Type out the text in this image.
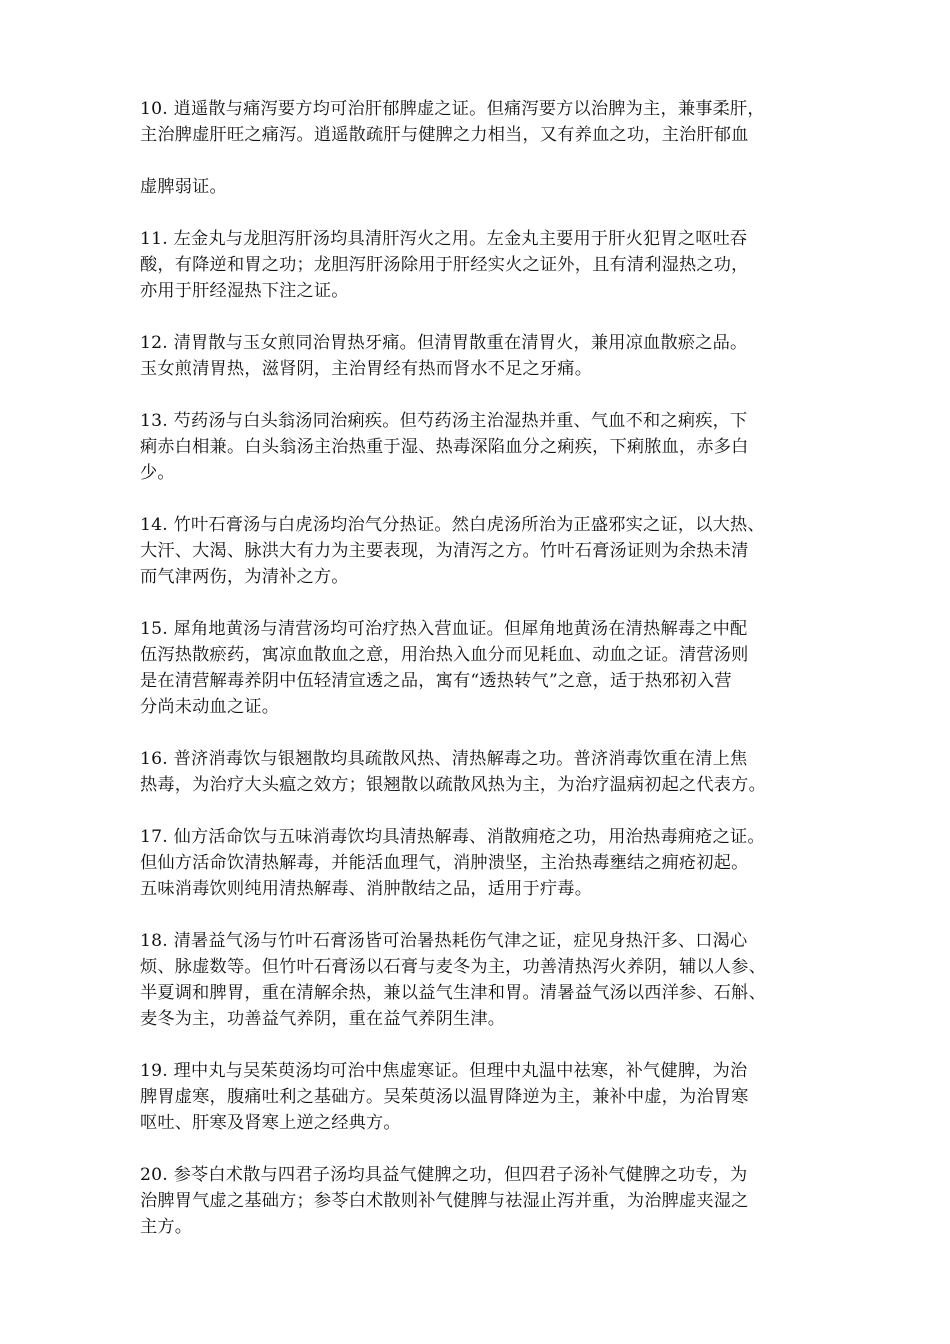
10. 逍遥散与痛泻要方均可治肝郁脾虚之证。但痛泻要方以治脾为主，兼事柔肝，
主治脾虚肝旺之痛泻。逍遥散疏肝与健脾之力相当，又有养血之功，主治肝郁血
虚脾弱证。

11. 左金丸与龙胆泻肝汤均具清肝泻火之用。左金丸主要用于肝火犯胃之呕吐吞
酸，有降逆和胃之功；龙胆泻肝汤除用于肝经实火之证外，且有清利湿热之功，
亦用于肝经湿热下注之证。

12. 清胃散与玉女煎同治胃热牙痛。但清胃散重在清胃火，兼用凉血散瘀之品。
玉女煎清胃热，滋肾阴，主治胃经有热而肾水不足之牙痛。

13. 芍药汤与白头翁汤同治痢疾。但芍药汤主治湿热并重、气血不和之痢疾，下
痢赤白相兼。白头翁汤主治热重于湿、热毒深陷血分之痢疾，下痢脓血，赤多白
少。

14. 竹叶石膏汤与白虎汤均治气分热证。然白虎汤所治为正盛邪实之证，以大热、
大汗、大渴、脉洪大有力为主要表现，为清泻之方。竹叶石膏汤证则为余热未清
而气津两伤，为清补之方。

15. 犀角地黄汤与清营汤均可治疗热入营血证。但犀角地黄汤在清热解毒之中配
伍泻热散瘀药，寓凉血散血之意，用治热入血分而见耗血、动血之证。清营汤则
是在清营解毒养阴中伍轻清宣透之品，寓有“透热转气”之意，适于热邪初入营
分尚未动血之证。

16. 普济消毒饮与银翘散均具疏散风热、清热解毒之功。普济消毒饮重在清上焦
热毒，为治疗大头瘟之效方；银翘散以疏散风热为主，为治疗温病初起之代表方。

17. 仙方活命饮与五味消毒饮均具清热解毒、消散痈疮之功，用治热毒痈疮之证。
但仙方活命饮清热解毒，并能活血理气，消肿溃坚，主治热毒壅结之痈疮初起。
五味消毒饮则纯用清热解毒、消肿散结之品，适用于疔毒。

18. 清暑益气汤与竹叶石膏汤皆可治暑热耗伤气津之证，症见身热汗多、口渴心
烦、脉虚数等。但竹叶石膏汤以石膏与麦冬为主，功善清热泻火养阴，辅以人参、
半夏调和脾胃，重在清解余热，兼以益气生津和胃。清暑益气汤以西洋参、石斛、
麦冬为主，功善益气养阴，重在益气养阴生津。

19. 理中丸与吴茱萸汤均可治中焦虚寒证。但理中丸温中祛寒，补气健脾，为治
脾胃虚寒，腹痛吐利之基础方。吴茱萸汤以温胃降逆为主，兼补中虚，为治胃寒
呕吐、肝寒及肾寒上逆之经典方。

20. 参苓白术散与四君子汤均具益气健脾之功，但四君子汤补气健脾之功专，为
治脾胃气虚之基础方；参苓白术散则补气健脾与祛湿止泻并重，为治脾虚夹湿之
主方。
